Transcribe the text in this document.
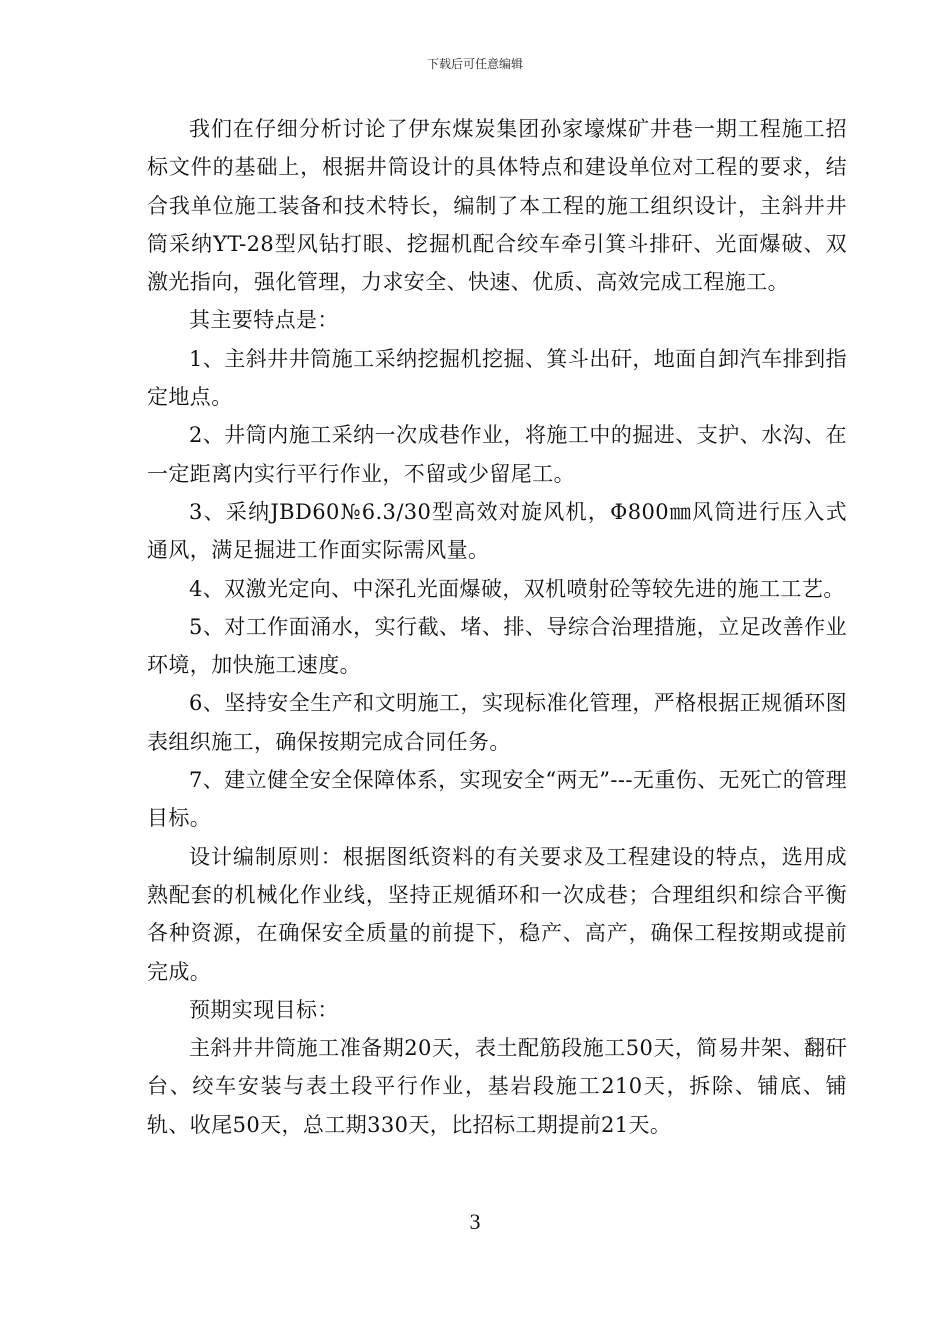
下载后可任意编辑

我们在仔细分析讨论了伊东煤炭集团孙家壕煤矿井巷一期工程施工招标文件的基础上，根据井筒设计的具体特点和建设单位对工程的要求，结合我单位施工装备和技术特长，编制了本工程的施工组织设计，主斜井井筒采纳YT-28型风钻打眼、挖掘机配合绞车牵引箕斗排矸、光面爆破、双激光指向，强化管理，力求安全、快速、优质、高效完成工程施工。

其主要特点是：

1、主斜井井筒施工采纳挖掘机挖掘、箕斗出矸，地面自卸汽车排到指定地点。

2、井筒内施工采纳一次成巷作业，将施工中的掘进、支护、水沟、在一定距离内实行平行作业，不留或少留尾工。

3、采纳JBD60№6.3/30型高效对旋风机，Φ800㎜风筒进行压入式通风，满足掘进工作面实际需风量。

4、双激光定向、中深孔光面爆破，双机喷射砼等较先进的施工工艺。

5、对工作面涌水，实行截、堵、排、导综合治理措施，立足改善作业环境，加快施工速度。

6、坚持安全生产和文明施工，实现标准化管理，严格根据正规循环图表组织施工，确保按期完成合同任务。

7、建立健全安全保障体系，实现安全“两无”---无重伤、无死亡的管理目标。

设计编制原则：根据图纸资料的有关要求及工程建设的特点，选用成熟配套的机械化作业线，坚持正规循环和一次成巷；合理组织和综合平衡各种资源，在确保安全质量的前提下，稳产、高产，确保工程按期或提前完成。

预期实现目标：

主斜井井筒施工准备期20天，表土配筋段施工50天，简易井架、翻矸台、绞车安装与表土段平行作业，基岩段施工210天，拆除、铺底、铺轨、收尾50天，总工期330天，比招标工期提前21天。

3
